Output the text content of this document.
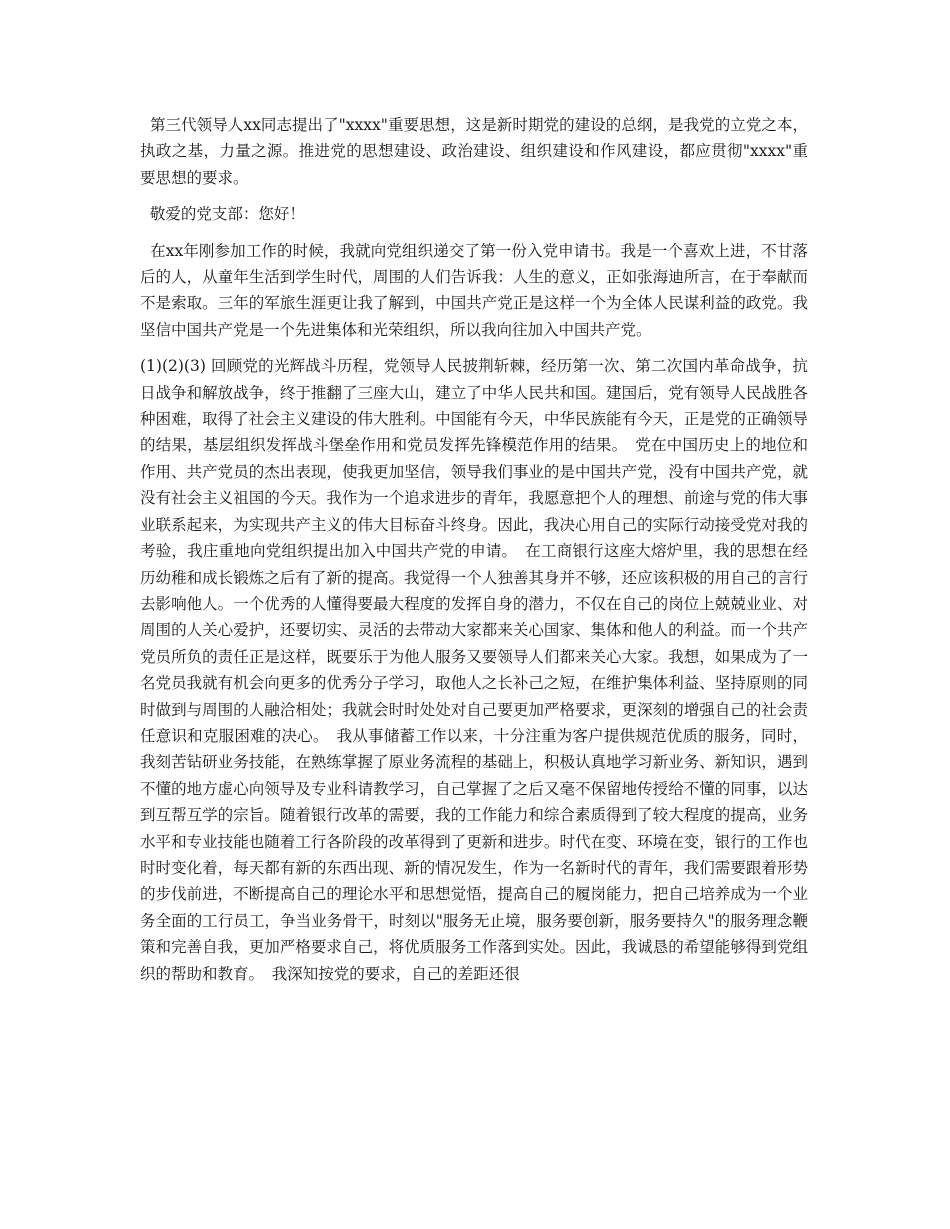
第三代领导人xx同志提出了"xxxx"重要思想，这是新时期党的建设的总纲，是我党的立党之本，执政之基，力量之源。推进党的思想建设、政治建设、组织建设和作风建设，都应贯彻"xxxx"重要思想的要求。

敬爱的党支部：您好！

在xx年刚参加工作的时候，我就向党组织递交了第一份入党申请书。我是一个喜欢上进，不甘落后的人，从童年生活到学生时代，周围的人们告诉我：人生的意义，正如张海迪所言，在于奉献而不是索取。三年的军旅生涯更让我了解到，中国共产党正是这样一个为全体人民谋利益的政党。我坚信中国共产党是一个先进集体和光荣组织，所以我向往加入中国共产党。

(1)(2)(3) 回顾党的光辉战斗历程，党领导人民披荆斩棘，经历第一次、第二次国内革命战争，抗日战争和解放战争，终于推翻了三座大山，建立了中华人民共和国。建国后，党有领导人民战胜各种困难，取得了社会主义建设的伟大胜利。中国能有今天，中华民族能有今天，正是党的正确领导的结果，基层组织发挥战斗堡垒作用和党员发挥先锋模范作用的结果。　党在中国历史上的地位和作用、共产党员的杰出表现，使我更加坚信，领导我们事业的是中国共产党，没有中国共产党，就没有社会主义祖国的今天。我作为一个追求进步的青年，我愿意把个人的理想、前途与党的伟大事业联系起来，为实现共产主义的伟大目标奋斗终身。因此，我决心用自己的实际行动接受党对我的考验，我庄重地向党组织提出加入中国共产党的申请。　在工商银行这座大熔炉里，我的思想在经历幼稚和成长锻炼之后有了新的提高。我觉得一个人独善其身并不够，还应该积极的用自己的言行去影响他人。一个优秀的人懂得要最大程度的发挥自身的潜力，不仅在自己的岗位上兢兢业业、对周围的人关心爱护，还要切实、灵活的去带动大家都来关心国家、集体和他人的利益。而一个共产党员所负的责任正是这样，既要乐于为他人服务又要领导人们都来关心大家。我想，如果成为了一名党员我就有机会向更多的优秀分子学习，取他人之长补己之短，在维护集体利益、坚持原则的同时做到与周围的人融洽相处；我就会时时处处对自己要更加严格要求，更深刻的增强自己的社会责任意识和克服困难的决心。　我从事储蓄工作以来，十分注重为客户提供规范优质的服务，同时，我刻苦钻研业务技能，在熟练掌握了原业务流程的基础上，积极认真地学习新业务、新知识，遇到不懂的地方虚心向领导及专业科请教学习，自己掌握了之后又毫不保留地传授给不懂的同事，以达到互帮互学的宗旨。随着银行改革的需要，我的工作能力和综合素质得到了较大程度的提高，业务水平和专业技能也随着工行各阶段的改革得到了更新和进步。时代在变、环境在变，银行的工作也时时变化着，每天都有新的东西出现、新的情况发生，作为一名新时代的青年，我们需要跟着形势的步伐前进，不断提高自己的理论水平和思想觉悟，提高自己的履岗能力，把自己培养成为一个业务全面的工行员工，争当业务骨干，时刻以"服务无止境，服务要创新，服务要持久"的服务理念鞭策和完善自我，更加严格要求自己，将优质服务工作落到实处。因此，我诚恳的希望能够得到党组织的帮助和教育。　我深知按党的要求，自己的差距还很
